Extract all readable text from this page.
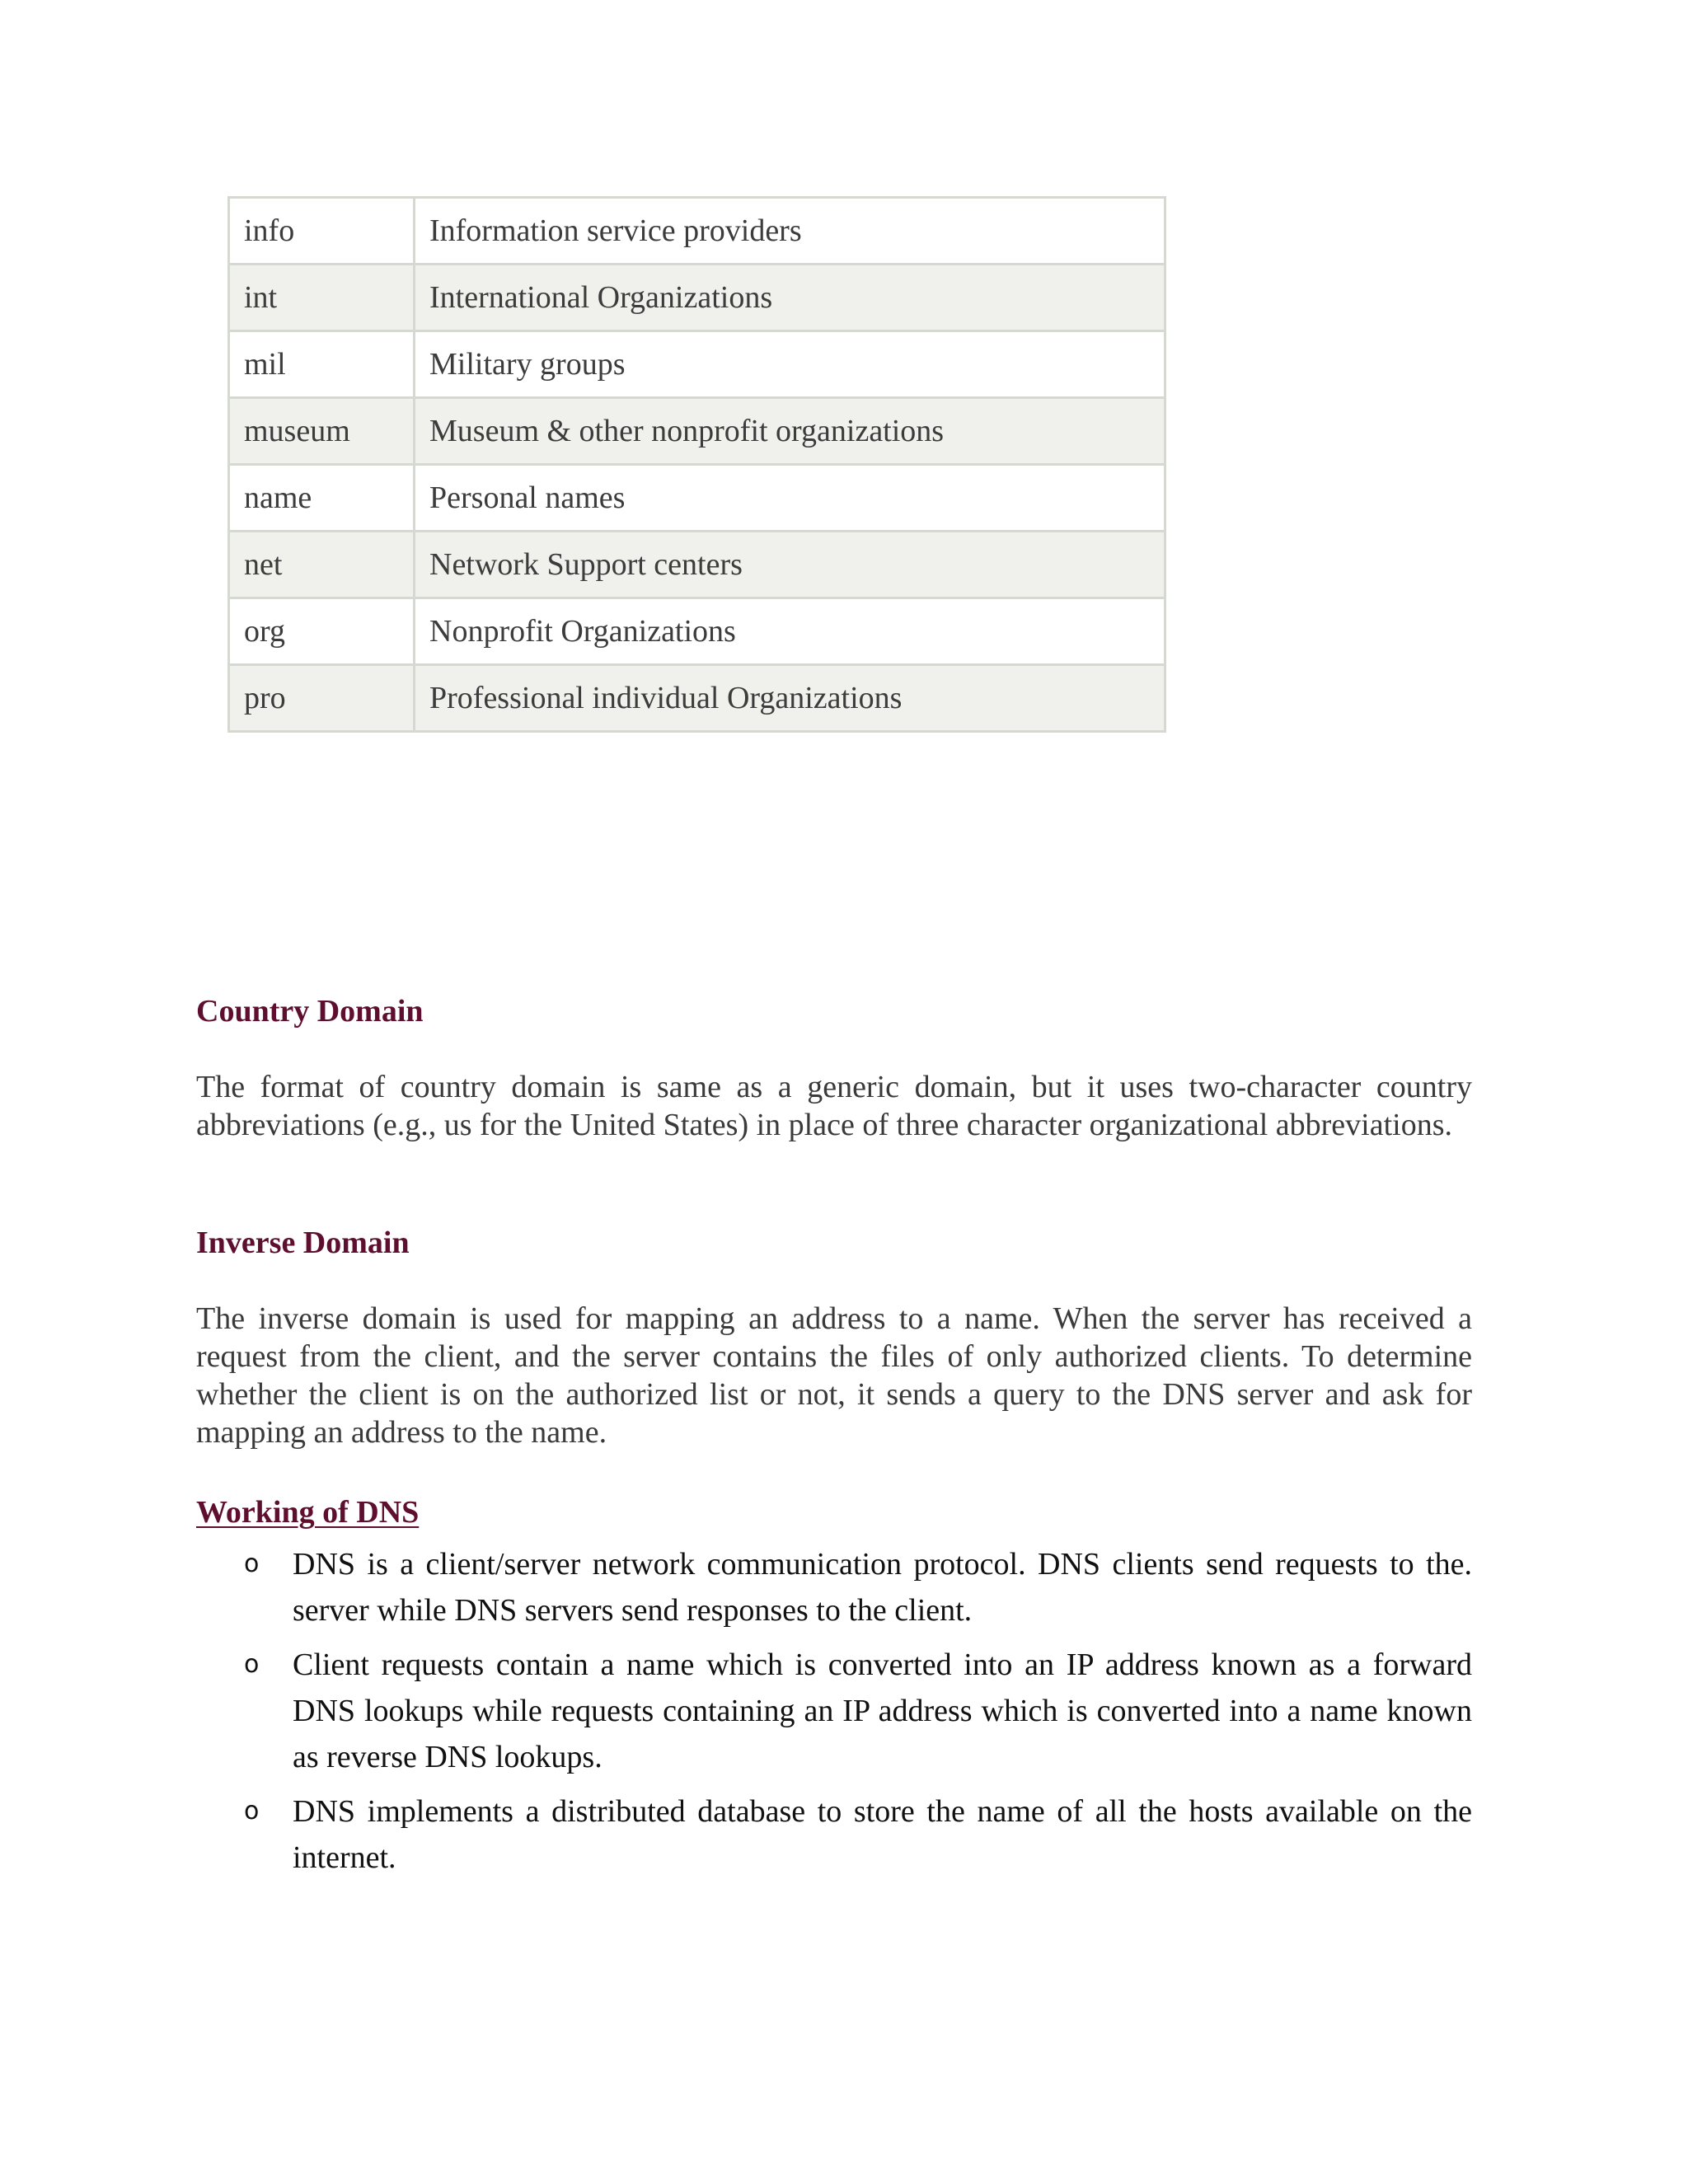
info	Information service providers
int	International Organizations
mil	Military groups
museum	Museum & other nonprofit organizations
name	Personal names
net	Network Support centers
org	Nonprofit Organizations
pro	Professional individual Organizations
Country Domain

The format of country domain is same as a generic domain, but it uses two-character country abbreviations (e.g., us for the United States) in place of three character organizational abbreviations.

Inverse Domain

The inverse domain is used for mapping an address to a name. When the server has received a request from the client, and the server contains the files of only authorized clients. To determine whether the client is on the authorized list or not, it sends a query to the DNS server and ask for mapping an address to the name.

Working of DNS
o DNS is a client/server network communication protocol. DNS clients send requests to the. server while DNS servers send responses to the client.
o Client requests contain a name which is converted into an IP address known as a forward DNS lookups while requests containing an IP address which is converted into a name known as reverse DNS lookups.
o DNS implements a distributed database to store the name of all the hosts available on the internet.
